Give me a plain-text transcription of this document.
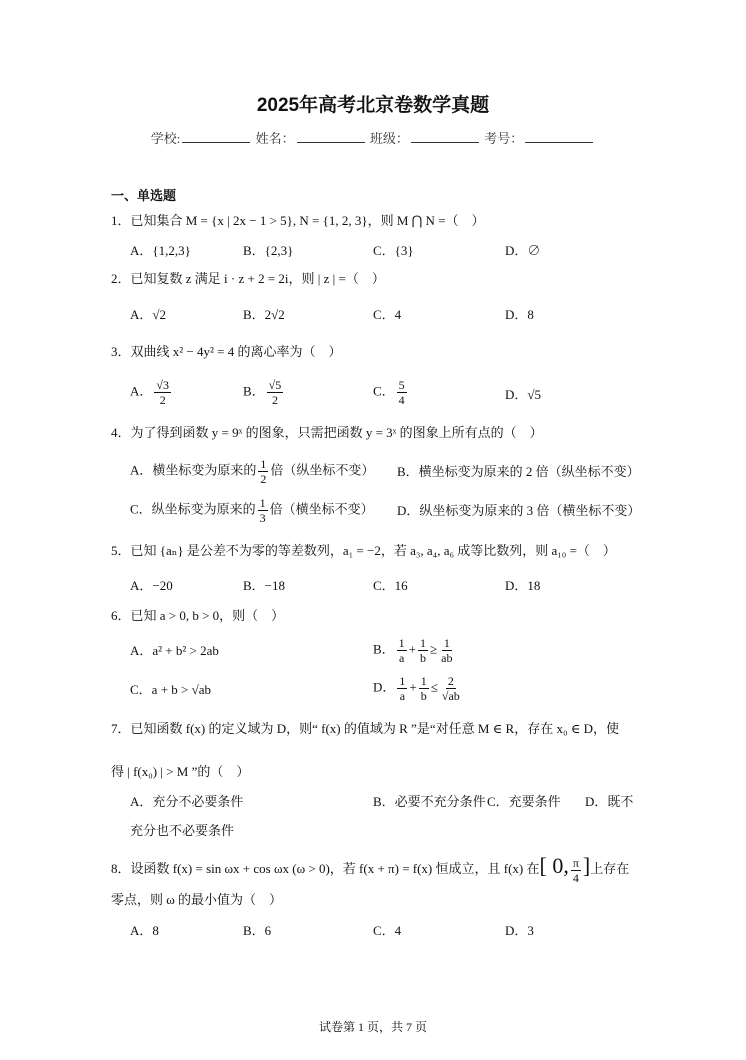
2025年高考北京卷数学真题
学校:	姓名：	班级：	考号：
一、单选题
1．已知集合 M = {x | 2x − 1 > 5}, N = {1, 2, 3}，则 M ⋂ N =（　）
A．{1,2,3}	B．{2,3}	C．{3}	D．∅
2．已知复数 z 满足 i · z + 2 = 2i，则 | z | =（　）
A．√2	B．2√2	C．4	D．8
3．双曲线 x² − 4y² = 4 的离心率为（　）
A． $\frac{√3}{2}$	B． $\frac{√5}{2}$	C． $\frac{5}{4}$	D．√5
4．为了得到函数 y = 9ˣ 的图象，只需把函数 y = 3ˣ 的图象上所有点的（　）
A．横坐标变为原来的 $\frac{1}{2}$ 倍（纵坐标不变） B．横坐标变为原来的 2 倍（纵坐标不变）
C．纵坐标变为原来的 $\frac{1}{3}$ 倍（横坐标不变） D．纵坐标变为原来的 3 倍（横坐标不变）
5．已知 {aₙ} 是公差不为零的等差数列，a₁ = −2，若 a₃, a₄, a₆ 成等比数列，则 a₁₀ =（　）
A．−20	B．−18	C．16	D．18
6．已知 a > 0, b > 0，则（　）
A．a² + b² > 2ab	B． $\frac{1}{a} + \frac{1}{b} \ge \frac{1}{ab}$
C．a + b > √ab	D． $\frac{1}{a} + \frac{1}{b} \le \frac{2}{√ab}$
7．已知函数 f(x) 的定义域为 D，则“ f(x) 的值域为 R ”是“对任意 M ∈ R，存在 x₀ ∈ D，使
得 | f(x₀) | > M ”的（　）
A．充分不必要条件	B．必要不充分条件 C．充要条件 D．既不
充分也不必要条件
8．设函数 f(x) = sin ωx + cos ωx (ω > 0)，若 f(x + π) = f(x) 恒成立，且 f(x) 在[ 0, $\frac{\pi}{4}$ ]上存在
零点，则 ω 的最小值为（　）
A．8	B．6	C．4	D．3
试卷第 1 页，共 7 页
